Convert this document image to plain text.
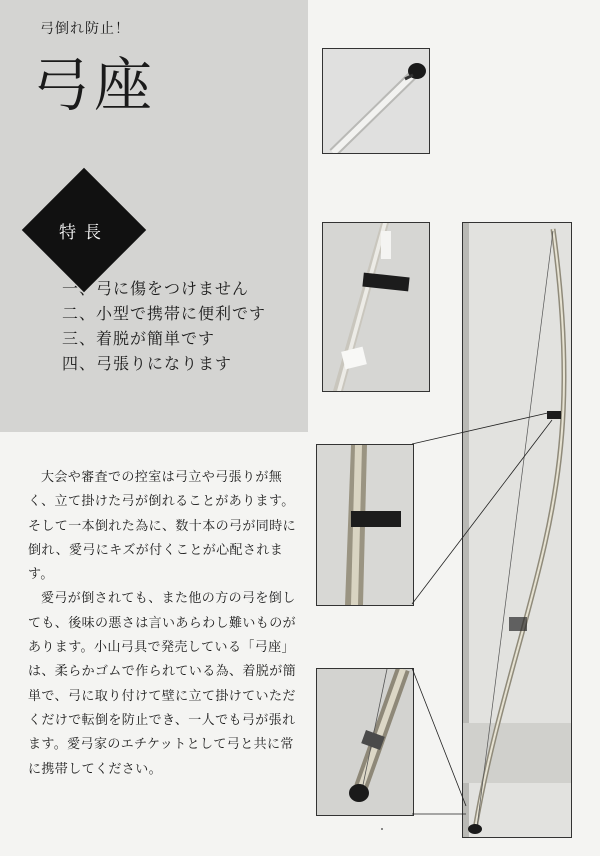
弓倒れ防止！
弓座
特長
一、弓に傷をつけません
二、小型で携帯に便利です
三、着脱が簡単です
四、弓張りになります

大会や審査での控室は弓立や弓張りが無く、立て掛けた弓が倒れることがあります。そして一本倒れた為に、数十本の弓が同時に倒れ、愛弓にキズが付くことが心配されます。

愛弓が倒されても、また他の方の弓を倒しても、後味の悪さは言いあらわし難いものがあります。小山弓具で発売している「弓座」は、柔らかゴムで作られている為、着脱が簡単で、弓に取り付けて壁に立て掛けていただくだけで転倒を防止でき、一人でも弓が張れます。愛弓家のエチケットとして弓と共に常に携帯してください。
